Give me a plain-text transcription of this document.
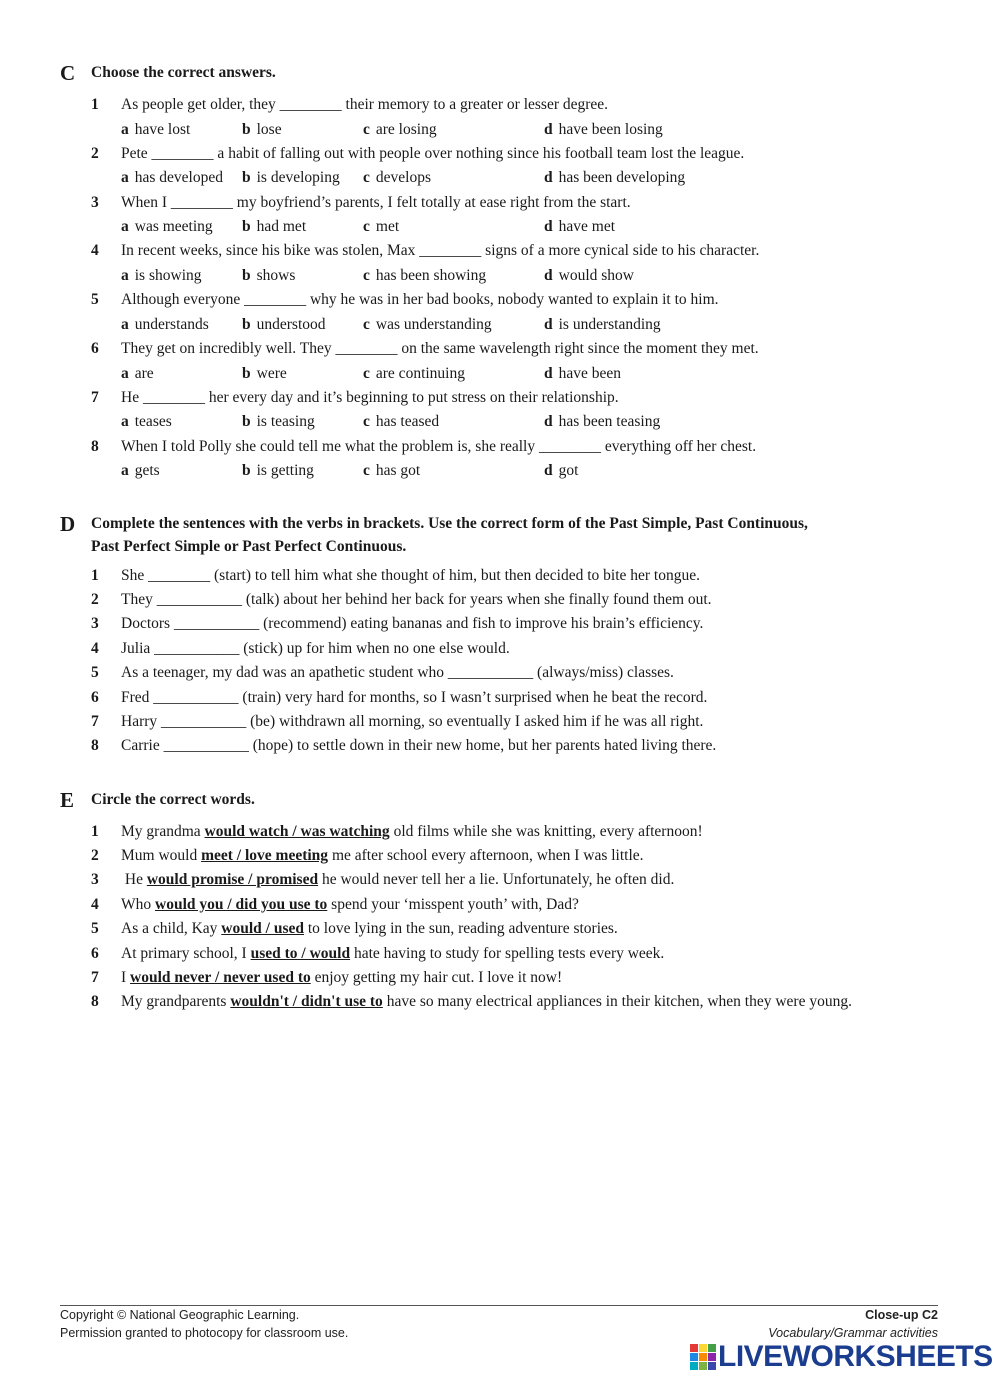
C Choose the correct answers.
1 As people get older, they ________ their memory to a greater or lesser degree.
a have lost	b lose	c are losing	d have been losing
2 Pete ________ a habit of falling out with people over nothing since his football team lost the league.
a has developed b is developing c develops	d has been developing
3 When I ________ my boyfriend’s parents, I felt totally at ease right from the start.
a was meeting b had met	c met	d have met
4 In recent weeks, since his bike was stolen, Max ________ signs of a more cynical side to his character.
a is showing	b shows	c has been showing	d would show
5 Although everyone ________ why he was in her bad books, nobody wanted to explain it to him.
a understands b understood c was understanding	d is understanding
6 They get on incredibly well. They ________ on the same wavelength right since the moment they met.
a are	b were	c are continuing	d have been
7 He ________ her every day and it’s beginning to put stress on their relationship.
a teases	b is teasing	c has teased	d has been teasing
8 When I told Polly she could tell me what the problem is, she really ________ everything off her chest.
a gets	b is getting	c has got	d got
D Complete the sentences with the verbs in brackets. Use the correct form of the Past Simple, Past Continuous,
Past Perfect Simple or Past Perfect Continuous.
1 She ________ (start) to tell him what she thought of him, but then decided to bite her tongue.
2 They ___________ (talk) about her behind her back for years when she finally found them out.
3 Doctors ___________ (recommend) eating bananas and fish to improve his brain’s efficiency.
4 Julia ___________ (stick) up for him when no one else would.
5 As a teenager, my dad was an apathetic student who ___________ (always/miss) classes.
6 Fred ___________ (train) very hard for months, so I wasn’t surprised when he beat the record.
7 Harry ___________ (be) withdrawn all morning, so eventually I asked him if he was all right.
8 Carrie ___________ (hope) to settle down in their new home, but her parents hated living there.
E Circle the correct words.
1 My grandma would watch / was watching old films while she was knitting, every afternoon!
2 Mum would meet / love meeting me after school every afternoon, when I was little.
3 He would promise / promised he would never tell her a lie. Unfortunately, he often did.
4 Who would you / did you use to spend your ‘misspent youth’ with, Dad?
5 As a child, Kay would / used to love lying in the sun, reading adventure stories.
6 At primary school, I used to / would hate having to study for spelling tests every week.
7 I would never / never used to enjoy getting my hair cut. I love it now!
8 My grandparents wouldn't / didn't use to have so many electrical appliances in their kitchen, when they were young.
Copyright © National Geographic Learning.
Permission granted to photocopy for classroom use.
Close-up C2
Vocabulary/Grammar activities
LIVEWORKSHEETS
